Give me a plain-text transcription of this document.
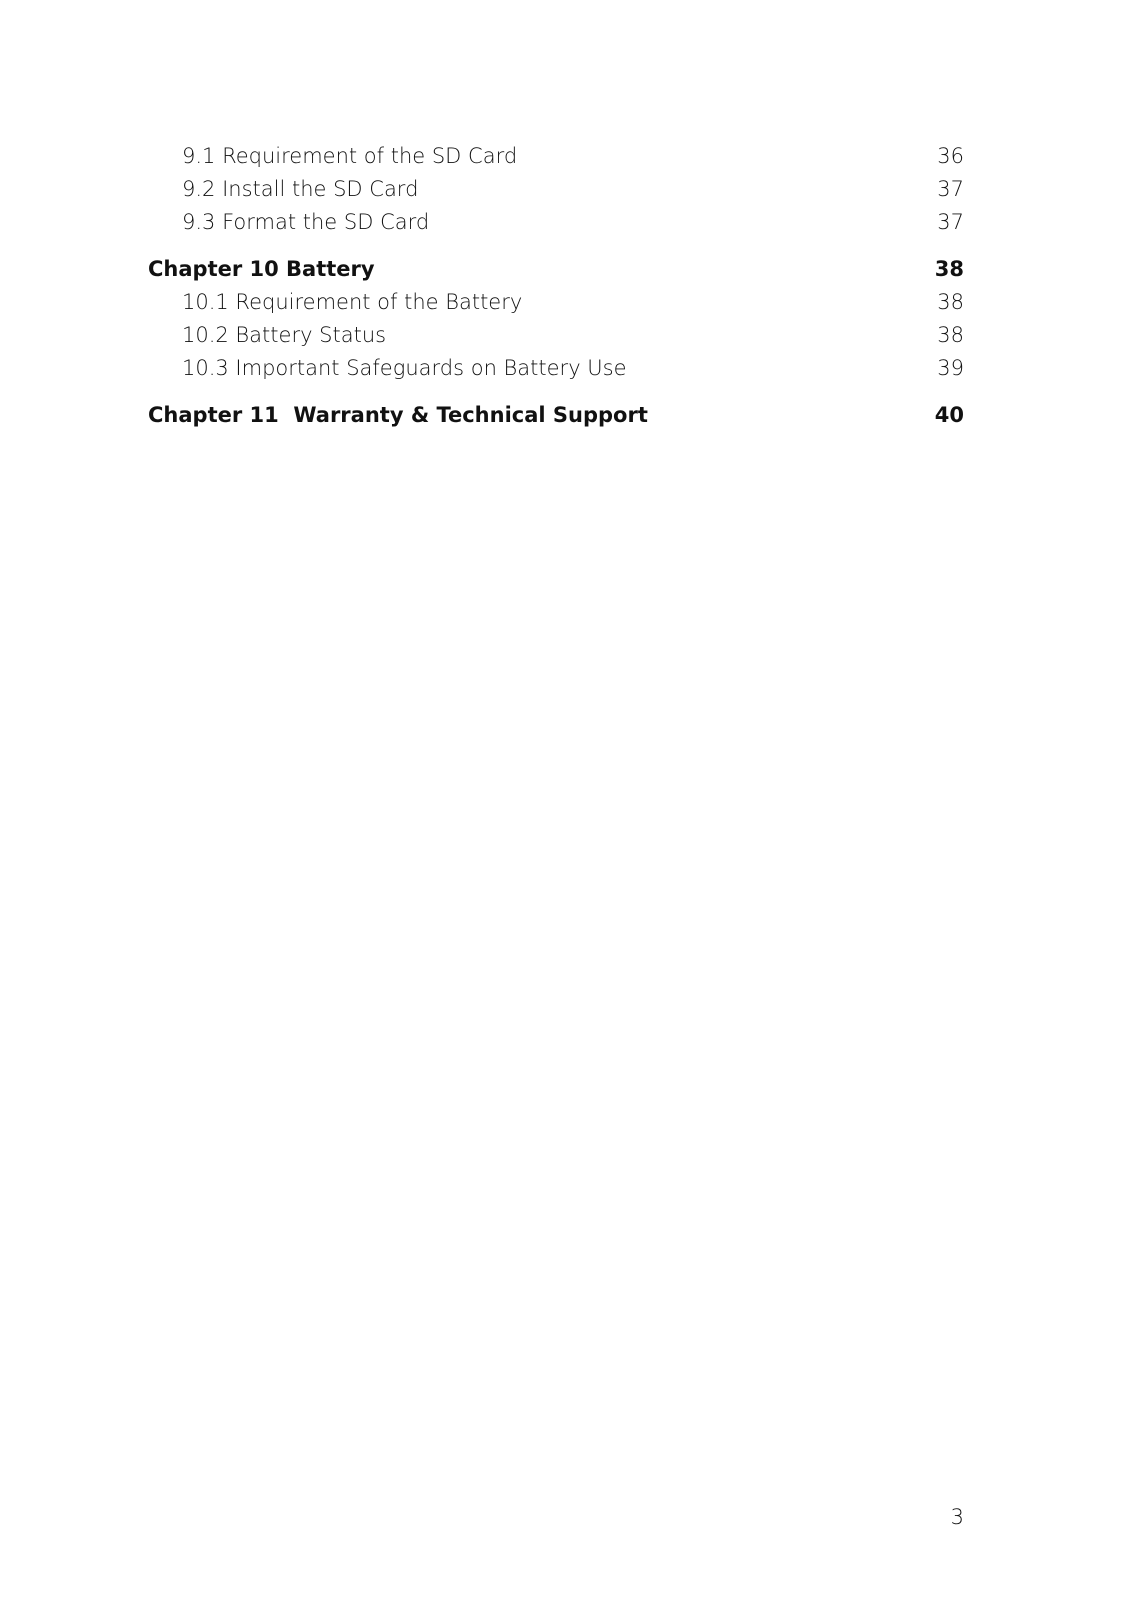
9.1 Requirement of the SD Card	36
9.2 Install the SD Card	37
9.3 Format the SD Card	37
Chapter 10 Battery	38
10.1 Requirement of the Battery	38
10.2 Battery Status	38
10.3 Important Safeguards on Battery Use	39
Chapter 11  Warranty & Technical Support	40
3
